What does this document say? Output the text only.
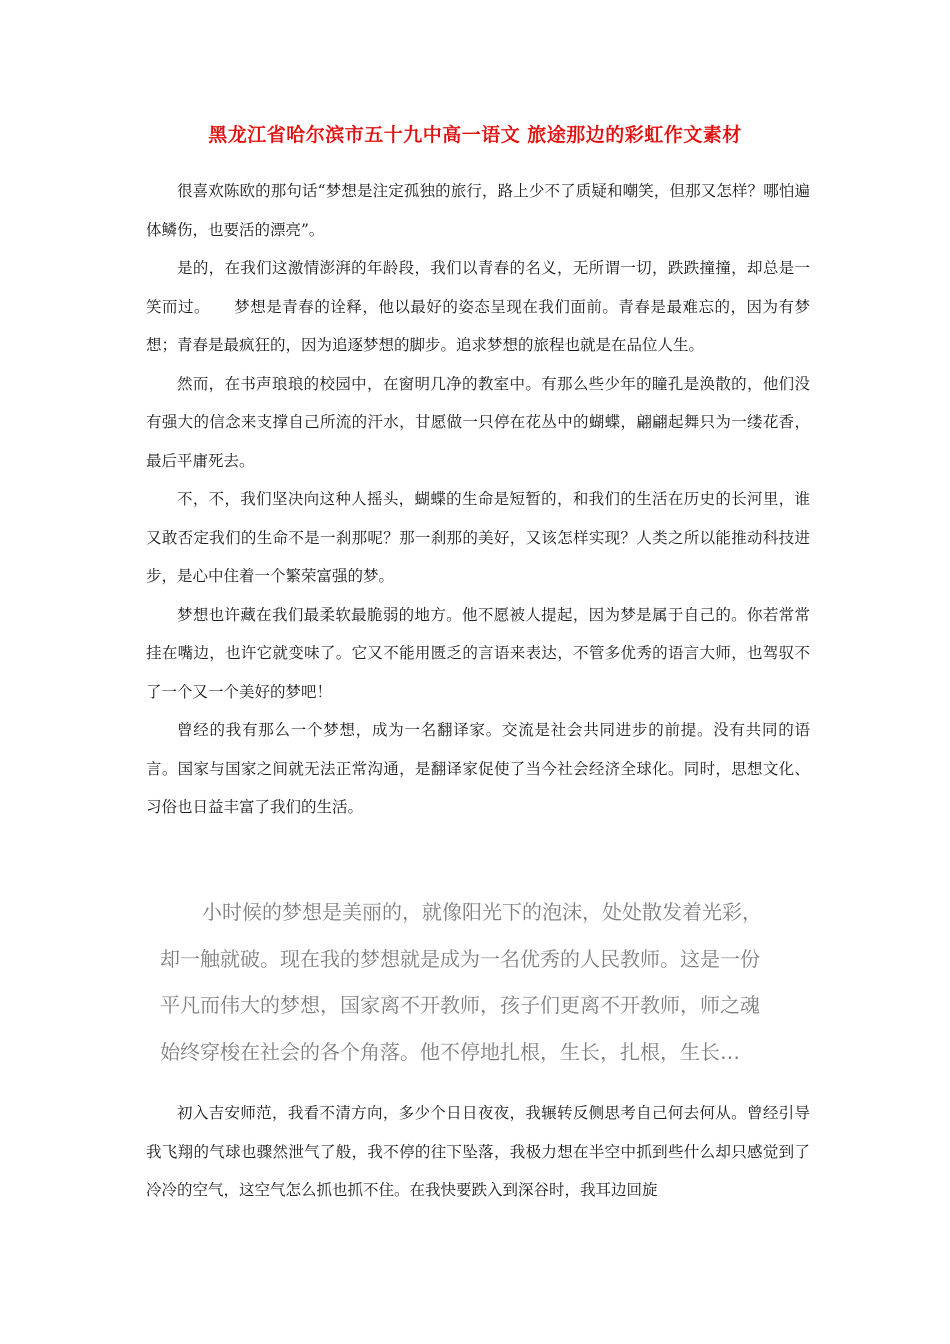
黑龙江省哈尔滨市五十九中高一语文 旅途那边的彩虹作文素材

很喜欢陈欧的那句话“梦想是注定孤独的旅行，路上少不了质疑和嘲笑，但那又怎样？哪怕遍体鳞伤，也要活的漂亮”。

是的，在我们这激情澎湃的年龄段，我们以青春的名义，无所谓一切，跌跌撞撞，却总是一笑而过。　　梦想是青春的诠释，他以最好的姿态呈现在我们面前。青春是最难忘的，因为有梦想；青春是最疯狂的，因为追逐梦想的脚步。追求梦想的旅程也就是在品位人生。

然而，在书声琅琅的校园中，在窗明几净的教室中。有那么些少年的瞳孔是涣散的，他们没有强大的信念来支撑自己所流的汗水，甘愿做一只停在花丛中的蝴蝶，翩翩起舞只为一缕花香，最后平庸死去。

不，不，我们坚决向这种人摇头，蝴蝶的生命是短暂的，和我们的生活在历史的长河里，谁又敢否定我们的生命不是一刹那呢？那一刹那的美好，又该怎样实现？人类之所以能推动科技进步，是心中住着一个繁荣富强的梦。

梦想也许藏在我们最柔软最脆弱的地方。他不愿被人提起，因为梦是属于自己的。你若常常挂在嘴边，也许它就变味了。它又不能用匮乏的言语来表达，不管多优秀的语言大师，也驾驭不了一个又一个美好的梦吧！

曾经的我有那么一个梦想，成为一名翻译家。交流是社会共同进步的前提。没有共同的语言。国家与国家之间就无法正常沟通，是翻译家促使了当今社会经济全球化。同时，思想文化、习俗也日益丰富了我们的生活。

小时候的梦想是美丽的，就像阳光下的泡沫，处处散发着光彩，
却一触就破。现在我的梦想就是成为一名优秀的人民教师。这是一份
平凡而伟大的梦想，国家离不开教师，孩子们更离不开教师，师之魂
始终穿梭在社会的各个角落。他不停地扎根，生长，扎根，生长…

初入吉安师范，我看不清方向，多少个日日夜夜，我辗转反侧思考自己何去何从。曾经引导我飞翔的气球也骤然泄气了般，我不停的往下坠落，我极力想在半空中抓到些什么却只感觉到了冷冷的空气，这空气怎么抓也抓不住。在我快要跌入到深谷时，我耳边回旋
